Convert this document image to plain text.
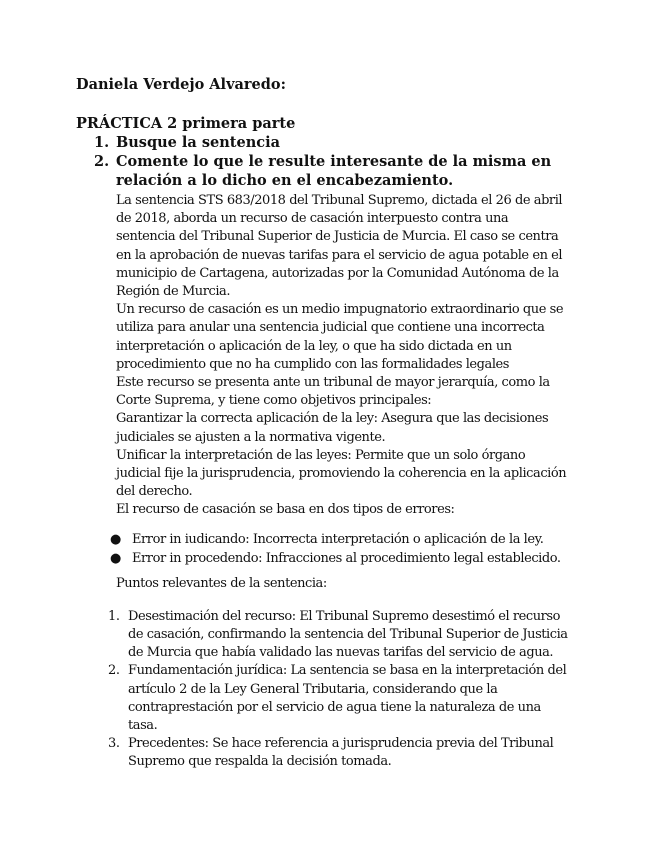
Daniela Verdejo Alvaredo:
PRÁCTICA 2 primera parte
1. Busque la sentencia
2. Comente lo que le resulte interesante de la misma en relación a lo dicho en el encabezamiento.

La sentencia STS 683/2018 del Tribunal Supremo, dictada el 26 de abril de 2018, aborda un recurso de casación interpuesto contra una sentencia del Tribunal Superior de Justicia de Murcia. El caso se centra en la aprobación de nuevas tarifas para el servicio de agua potable en el municipio de Cartagena, autorizadas por la Comunidad Autónoma de la Región de Murcia.

Un recurso de casación es un medio impugnatorio extraordinario que se utiliza para anular una sentencia judicial que contiene una incorrecta interpretación o aplicación de la ley, o que ha sido dictada en un procedimiento que no ha cumplido con las formalidades legales

Este recurso se presenta ante un tribunal de mayor jerarquía, como la Corte Suprema, y tiene como objetivos principales:

Garantizar la correcta aplicación de la ley: Asegura que las decisiones judiciales se ajusten a la normativa vigente.

Unificar la interpretación de las leyes: Permite que un solo órgano judicial fije la jurisprudencia, promoviendo la coherencia en la aplicación del derecho.

El recurso de casación se basa en dos tipos de errores:

● Error in iudicando: Incorrecta interpretación o aplicación de la ley.
● Error in procedendo: Infracciones al procedimiento legal establecido.

Puntos relevantes de la sentencia:

1. Desestimación del recurso: El Tribunal Supremo desestimó el recurso de casación, confirmando la sentencia del Tribunal Superior de Justicia de Murcia que había validado las nuevas tarifas del servicio de agua.
2. Fundamentación jurídica: La sentencia se basa en la interpretación del artículo 2 de la Ley General Tributaria, considerando que la contraprestación por el servicio de agua tiene la naturaleza de una tasa.
3. Precedentes: Se hace referencia a jurisprudencia previa del Tribunal Supremo que respalda la decisión tomada.
